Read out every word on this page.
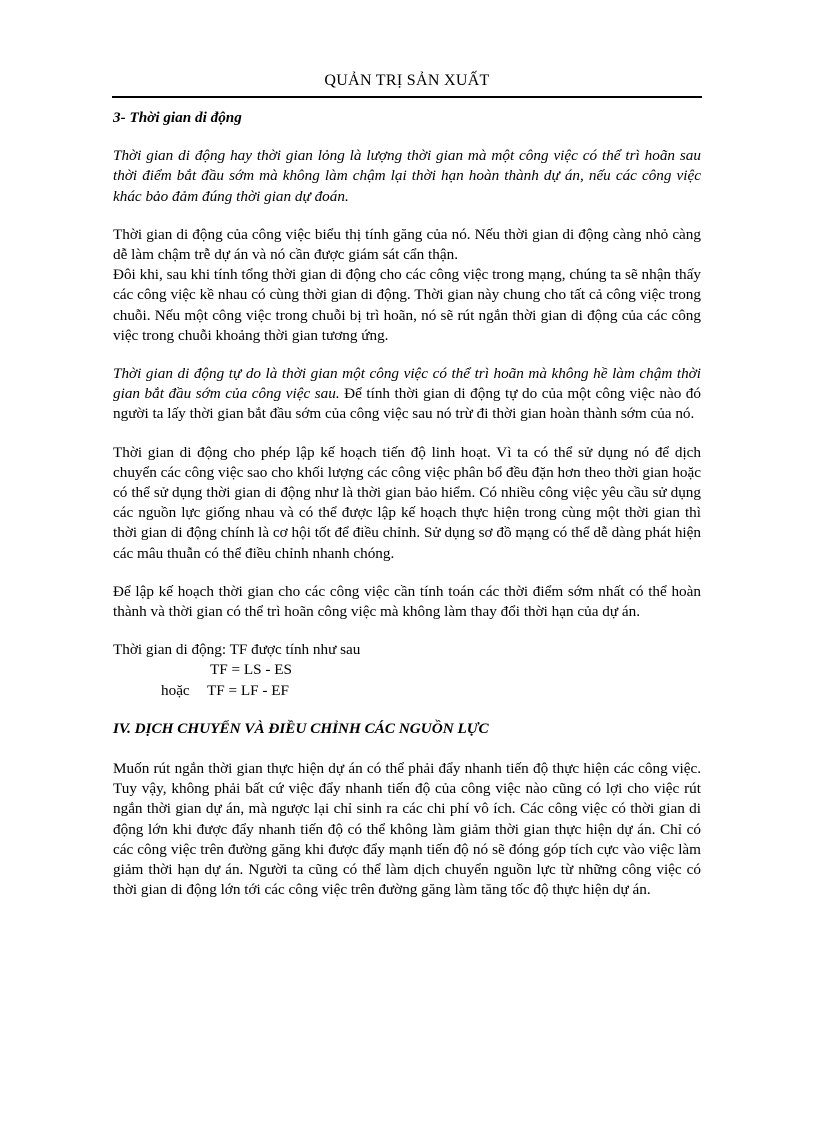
QUẢN TRỊ SẢN XUẤT

3- Thời gian di động

Thời gian di động hay thời gian lỏng là lượng thời gian mà một công việc có thể trì hoãn sau thời điểm bắt đầu sớm mà không làm chậm lại thời hạn hoàn thành dự án, nếu các công việc khác bảo đảm đúng thời gian dự đoán.

Thời gian di động của công việc biểu thị tính găng của nó. Nếu thời gian di động càng nhỏ càng dễ làm chậm trễ dự án và nó cần được giám sát cẩn thận.

Đôi khi, sau khi tính tổng thời gian di động cho các công việc trong mạng, chúng ta sẽ nhận thấy các công việc kề nhau có cùng thời gian di động. Thời gian này chung cho tất cả công việc trong chuỗi. Nếu một công việc trong chuỗi bị trì hoãn, nó sẽ rút ngắn thời gian di động của các công việc trong chuỗi khoảng thời gian tương ứng.

Thời gian di động tự do là thời gian một công việc có thể trì hoãn mà không hề làm chậm thời gian bắt đầu sớm của công việc sau. Để tính thời gian di động tự do của một công việc nào đó người ta lấy thời gian bắt đầu sớm của công việc sau nó trừ đi thời gian hoàn thành sớm của nó.

Thời gian di động cho phép lập kế hoạch tiến độ linh hoạt. Vì ta có thể sử dụng nó để dịch chuyển các công việc sao cho khối lượng các công việc phân bổ đều đặn hơn theo thời gian hoặc có thể sử dụng thời gian di động như là thời gian bảo hiểm. Có nhiều công việc yêu cầu sử dụng các nguồn lực giống nhau và có thể được lập kế hoạch thực hiện trong cùng một thời gian thì thời gian di động chính là cơ hội tốt để điều chỉnh. Sử dụng sơ đồ mạng có thể dễ dàng phát hiện các mâu thuẫn có thể điều chỉnh nhanh chóng.

Để lập kế hoạch thời gian cho các công việc cần tính toán các thời điểm sớm nhất có thể hoàn thành và thời gian có thể trì hoãn công việc mà không làm thay đổi thời hạn của dự án.

Thời gian di động: TF được tính như sau

TF = LS - ES

hoặc TF = LF - EF

IV. DỊCH CHUYỂN VÀ ĐIỀU CHỈNH CÁC NGUỒN LỰC

Muốn rút ngắn thời gian thực hiện dự án có thể phải đẩy nhanh tiến độ thực hiện các công việc. Tuy vậy, không phải bất cứ việc đẩy nhanh tiến độ của công việc nào cũng có lợi cho việc rút ngắn thời gian dự án, mà ngược lại chỉ sinh ra các chi phí vô ích. Các công việc có thời gian di động lớn khi được đẩy nhanh tiến độ có thể không làm giảm thời gian thực hiện dự án. Chỉ có các công việc trên đường găng khi được đẩy mạnh tiến độ nó sẽ đóng góp tích cực vào việc làm giảm thời hạn dự án. Người ta cũng có thể làm dịch chuyển nguồn lực từ những công việc có thời gian di động lớn tới các công việc trên đường găng làm tăng tốc độ thực hiện dự án.
